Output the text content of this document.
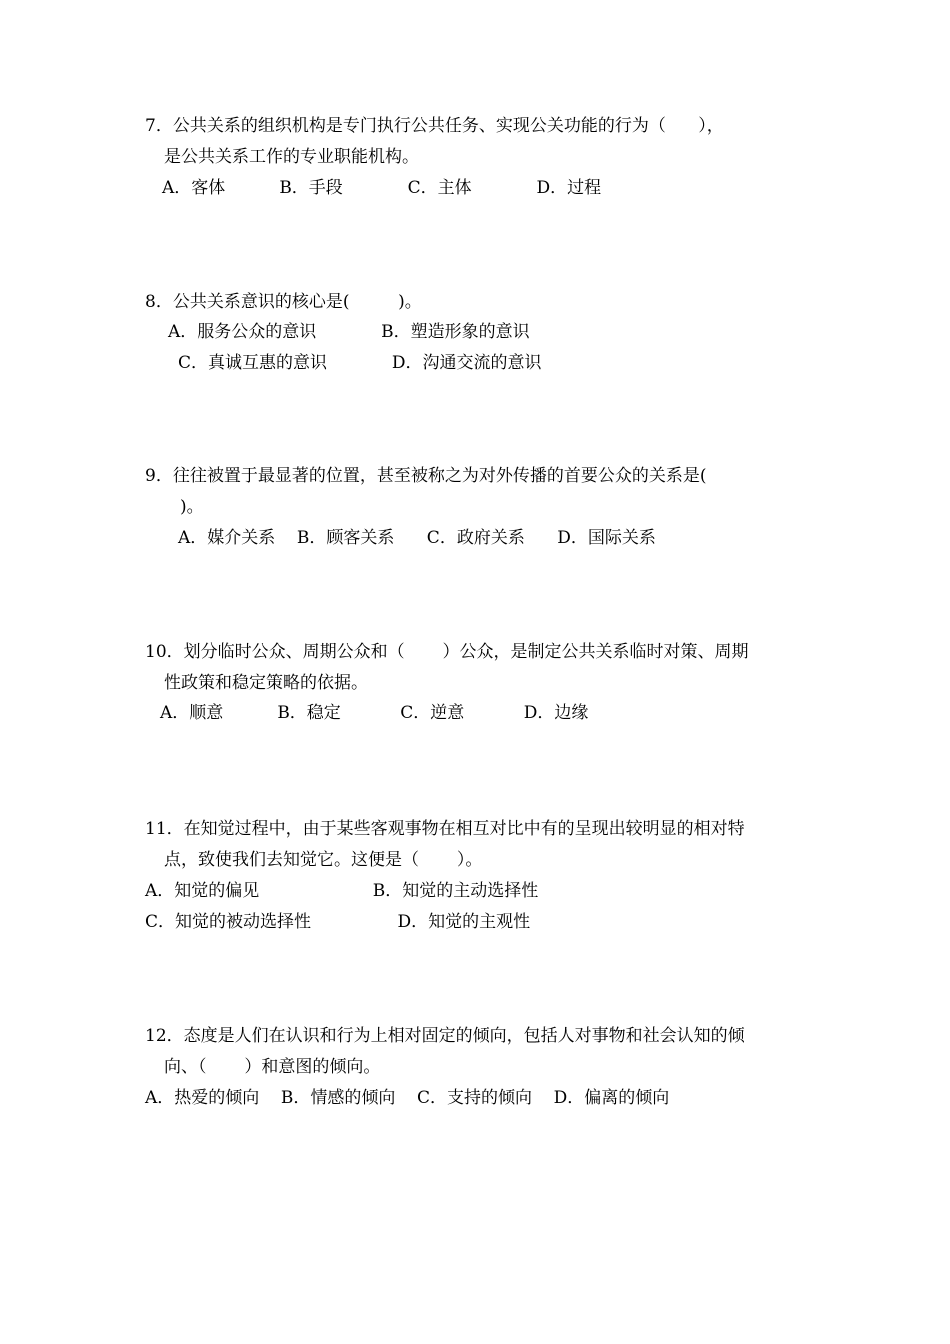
7．公共关系的组织机构是专门执行公共任务、实现公关功能的行为（      ），
是公共关系工作的专业职能机构。
A．客体          B．手段            C．主体            D．过程
8．公共关系意识的核心是(         )。
A．服务公众的意识            B．塑造形象的意识
C．真诚互惠的意识            D．沟通交流的意识
9．往往被置于最显著的位置，甚至被称之为对外传播的首要公众的关系是(
)。
A．媒介关系    B．顾客关系      C．政府关系      D．国际关系
10．划分临时公众、周期公众和（       ）公众，是制定公共关系临时对策、周期
性政策和稳定策略的依据。
A．顺意          B．稳定           C．逆意           D．边缘
11．在知觉过程中，由于某些客观事物在相互对比中有的呈现出较明显的相对特
点，致使我们去知觉它。这便是（       ）。
A．知觉的偏见                     B．知觉的主动选择性
C．知觉的被动选择性                D．知觉的主观性
12．态度是人们在认识和行为上相对固定的倾向，包括人对事物和社会认知的倾
向、（       ）和意图的倾向。
A．热爱的倾向    B．情感的倾向    C．支持的倾向    D．偏离的倾向
